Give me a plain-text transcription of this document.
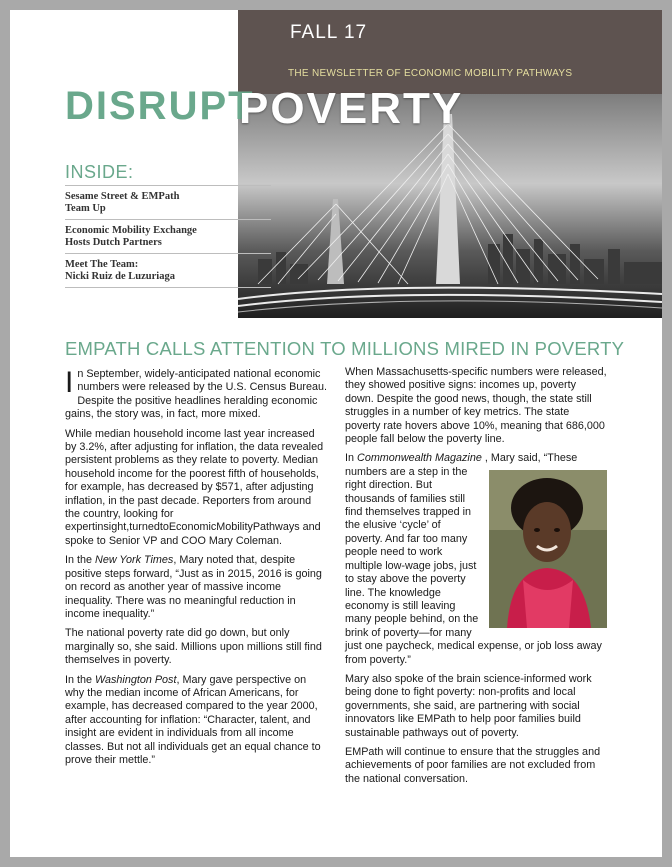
FALL 17
THE NEWSLETTER OF ECONOMIC MOBILITY PATHWAYS
DISRUPT
POVERTY
INSIDE:
Sesame Street & EMPath
Team Up
Economic Mobility Exchange
Hosts Dutch Partners
Meet The Team:
Nicki Ruiz de Luzuriaga
EMPATH CALLS ATTENTION TO MILLIONS MIRED IN POVERTY

In September, widely-anticipated national economic numbers were released by the U.S. Census Bureau. Despite the positive headlines heralding economic gains, the story was, in fact, more mixed.

While median household income last year increased by 3.2%, after adjusting for inflation, the data revealed persistent problems as they relate to poverty. Median household income for the poorest fifth of households, for example, has decreased by $571, after adjusting inflation, in the past decade. Reporters from around the country, looking for expertinsight,turnedtoEconomicMobilityPathways and spoke to Senior VP and COO Mary Coleman.

In the New York Times, Mary noted that, despite positive steps forward, “Just as in 2015, 2016 is going on record as another year of massive income inequality. There was no meaningful reduction in income inequality.”

The national poverty rate did go down, but only marginally so, she said. Millions upon millions still find themselves in poverty.

In the Washington Post, Mary gave perspective on why the median income of African Americans, for example, has decreased compared to the year 2000, after accounting for inflation: “Character, talent, and insight are evident in individuals from all income classes. But not all individuals get an equal chance to prove their mettle.”

When Massachusetts-specific numbers were released, they showed positive signs: incomes up, poverty down. Despite the good news, though, the state still struggles in a number of key metrics. The state poverty rate hovers above 10%, meaning that 686,000 people fall below the poverty line.

In Commonwealth Magazine , Mary said, “These numbers are a step in the right direction. But thousands of families still find themselves trapped in the elusive ‘cycle’ of poverty. And far too many people need to work multiple low-wage jobs, just to stay above the poverty line. The knowledge economy is still leaving many people behind, on the brink of poverty—for many just one paycheck, medical expense, or job loss away from poverty.”

Mary also spoke of the brain science-informed work being done to fight poverty: non-profits and local governments, she said, are partnering with social innovators like EMPath to help poor families build sustainable pathways out of poverty.

EMPath will continue to ensure that the struggles and achievements of poor families are not excluded from the national conversation.
